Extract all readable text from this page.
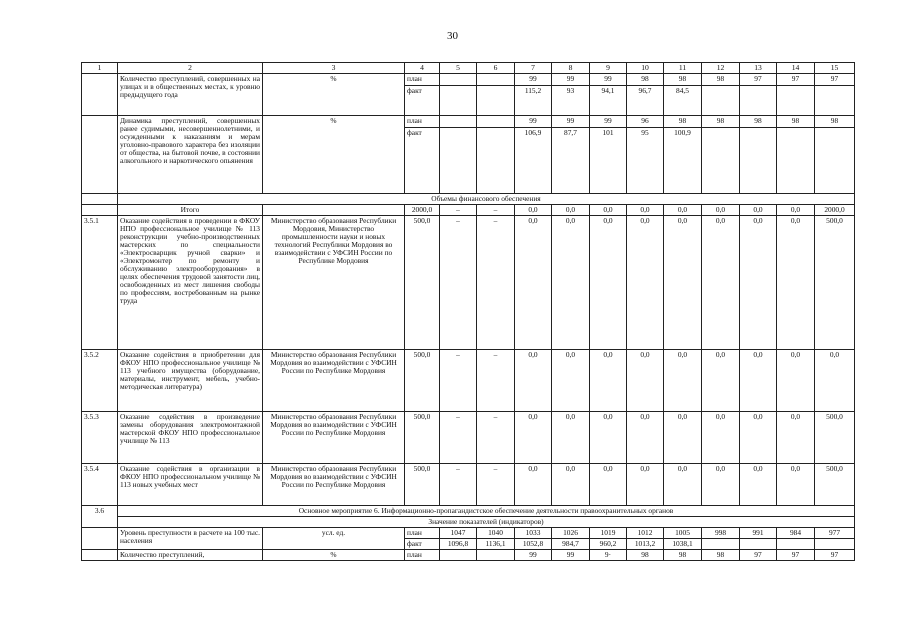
30
1	2	3	4	5	6	7	8	9	10	11	12	13	14	15
	Количество преступлений, совершенных на улицах и в общественных местах, к уровню предыдущего года	%	план			99	99	99	98	98	98	97	97	97
			факт			115,2	93	94,1	96,7	84,5				
	Динамика преступлений, совершенных ранее судимыми, несовершеннолетними, и осужденными к наказаниям и мерам уголовно-правового характера без изоляции от общества, на бытовой почве, в состоянии алкогольного и наркотического опьянения	%	план			99	99	99	96	98	98	98	98	98
			факт			106,9	87,7	101	95	100,9				
	Объемы финансового обеспечения													
	Итого		2000,0	–	–	0,0	0,0	0,0	0,0	0,0	0,0	0,0	0,0	2000,0
3.5.1	Оказание содействия в проведении в ФКОУ НПО профессиональное училище № 113 реконструкции учебно-производственных мастерских по специальности «Электросварщик ручной сварки» и «Электромонтер по ремонту и обслуживанию электрооборудования» в целях обеспечения трудовой занятости лиц, освобожденных из мест лишения свободы по профессиям, востребованным на рынке труда	Министерство образования Республики Мордовия, Министерство промышленности науки и новых технологий Республики Мордовия во взаимодействии с УФСИН России по Республике Мордовия	500,0	–	–	0,0	0,0	0,0	0,0	0,0	0,0	0,0	0,0	500,0
3.5.2	Оказание содействия в приобретении для ФКОУ НПО профессиональное училище № 113 учебного имущества (оборудование, материалы, инструмент, мебель, учебно-методическая литература)	Министерство образования Республики Мордовия во взаимодействии с УФСИН России по Республике Мордовия	500,0	–	–	0,0	0,0	0,0	0,0	0,0	0,0	0,0	0,0	0,0
3.5.3	Оказание содействия в произведение замены оборудования электромонтажной мастерской ФКОУ НПО профессиональное училище № 113	Министерство образования Республики Мордовия во взаимодействии с УФСИН России по Республике Мордовия	500,0	–	–	0,0	0,0	0,0	0,0	0,0	0,0	0,0	0,0	500,0
3.5.4	Оказание содействия в организации в ФКОУ НПО профессиональном училище № 113 новых учебных мест	Министерство образования Республики Мордовия во взаимодействии с УФСИН России по Республике Мордовия	500,0	–	–	0,0	0,0	0,0	0,0	0,0	0,0	0,0	0,0	500,0
3.6	Основное мероприятие 6. Информационно-пропагандистское обеспечение деятельности правоохранительных органов													
	Значение показателей (индикаторов)													
	Уровень преступности в расчете на 100 тыс. населения	усл. ед.	план	1047	1040	1033	1026	1019	1012	1005	998	991	984	977
			факт	1096,8	1136,1	1052,8	984,7	960,2	1013,2	1038,1				
	Количество преступлений,	%	план			99	99	9·	98	98	98	97	97	97
